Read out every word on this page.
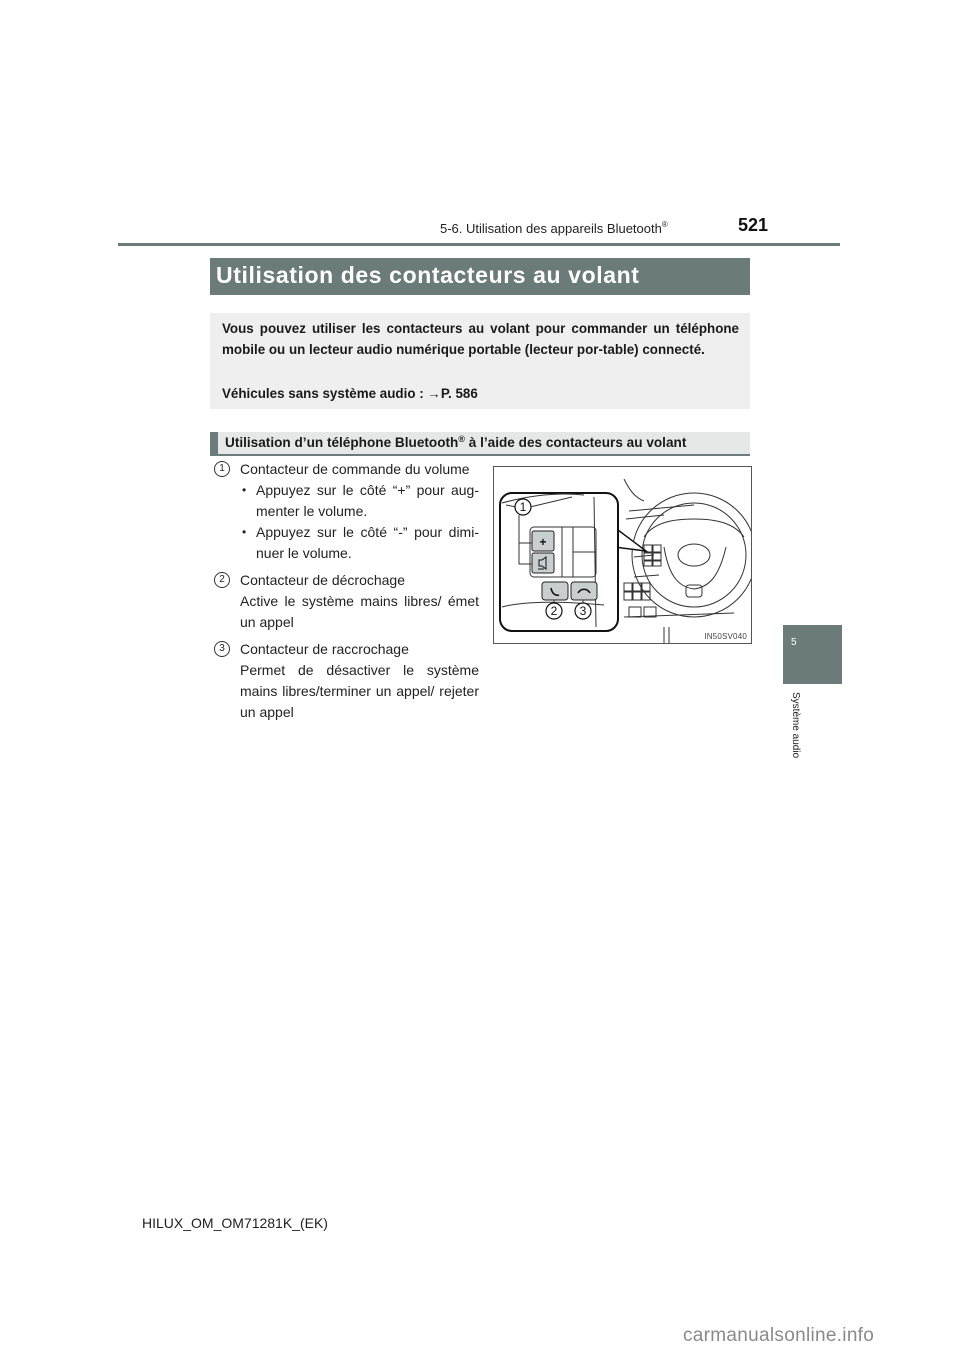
5-6. Utilisation des appareils Bluetooth®	521
Utilisation des contacteurs au volant
Vous pouvez utiliser les contacteurs au volant pour commander un téléphone mobile ou un lecteur audio numérique portable (lecteur por-table) connecté.
Véhicules sans système audio : →P. 586
Utilisation d’un téléphone Bluetooth® à l’aide des contacteurs au volant
1	Contacteur de commande du volume
• Appuyez sur le côté “+” pour aug-menter le volume.
• Appuyez sur le côté “-” pour dimi-nuer le volume.
2	Contacteur de décrochage
Active le système mains libres/ émet un appel
3	Contacteur de raccrochage
Permet de désactiver le système mains libres/terminer un appel/ rejeter un appel
+
1
2 3
IN50SV040
5
Système audio
HILUX_OM_OM71281K_(EK)
carmanualsonline.info
